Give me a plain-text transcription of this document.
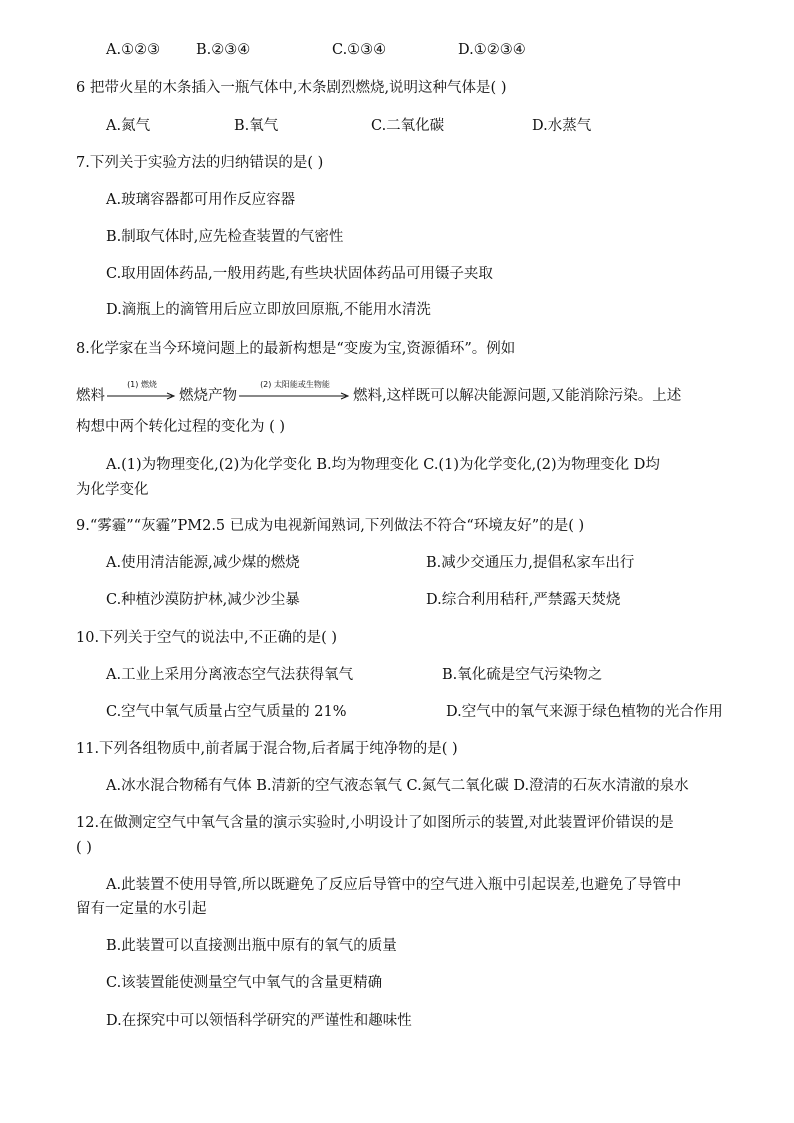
A.①②③ B.②③④	C.①③④	D.①②③④
6 把带火星的木条插入一瓶气体中,木条剧烈燃烧,说明这种气体是( )
A.氮气	B.氧气	C.二氧化碳	D.水蒸气
7.下列关于实验方法的归纳错误的是( )
A.玻璃容器都可用作反应容器
B.制取气体时,应先检查装置的气密性
C.取用固体药品,一般用药匙,有些块状固体药品可用镊子夹取
D.滴瓶上的滴管用后应立即放回原瓶,不能用水清洗
8.化学家在当今环境问题上的最新构想是“变废为宝,资源循环”。例如
燃料
(1) 燃烧
燃烧产物
(2) 太阳能或生物能
燃料,这样既可以解决能源问题,又能消除污染。上述
构想中两个转化过程的变化为 ( )
A.(1)为物理变化,(2)为化学变化 B.均为物理变化 C.(1)为化学变化,(2)为物理变化 D均
为化学变化
9.“雾霾”“灰霾”PM2.5 已成为电视新闻熟词,下列做法不符合“环境友好”的是( )
A.使用清洁能源,减少煤的燃烧	B.减少交通压力,提倡私家车出行
C.种植沙漠防护林,减少沙尘暴	D.综合利用秸秆,严禁露天焚烧
10.下列关于空气的说法中,不正确的是( )
A.工业上采用分离液态空气法获得氧气	B.氧化硫是空气污染物之
C.空气中氧气质量占空气质量的 21%	D.空气中的氧气来源于绿色植物的光合作用
11.下列各组物质中,前者属于混合物,后者属于纯净物的是( )
A.冰水混合物稀有气体 B.清新的空气液态氧气 C.氮气二氧化碳 D.澄清的石灰水清澈的泉水
12.在做测定空气中氧气含量的演示实验时,小明设计了如图所示的装置,对此装置评价错误的是
( )
A.此装置不使用导管,所以既避免了反应后导管中的空气进入瓶中引起误差,也避免了导管中
留有一定量的水引起
B.此装置可以直接测出瓶中原有的氧气的质量
C.该装置能使测量空气中氧气的含量更精确
D.在探究中可以领悟科学研究的严谨性和趣味性
